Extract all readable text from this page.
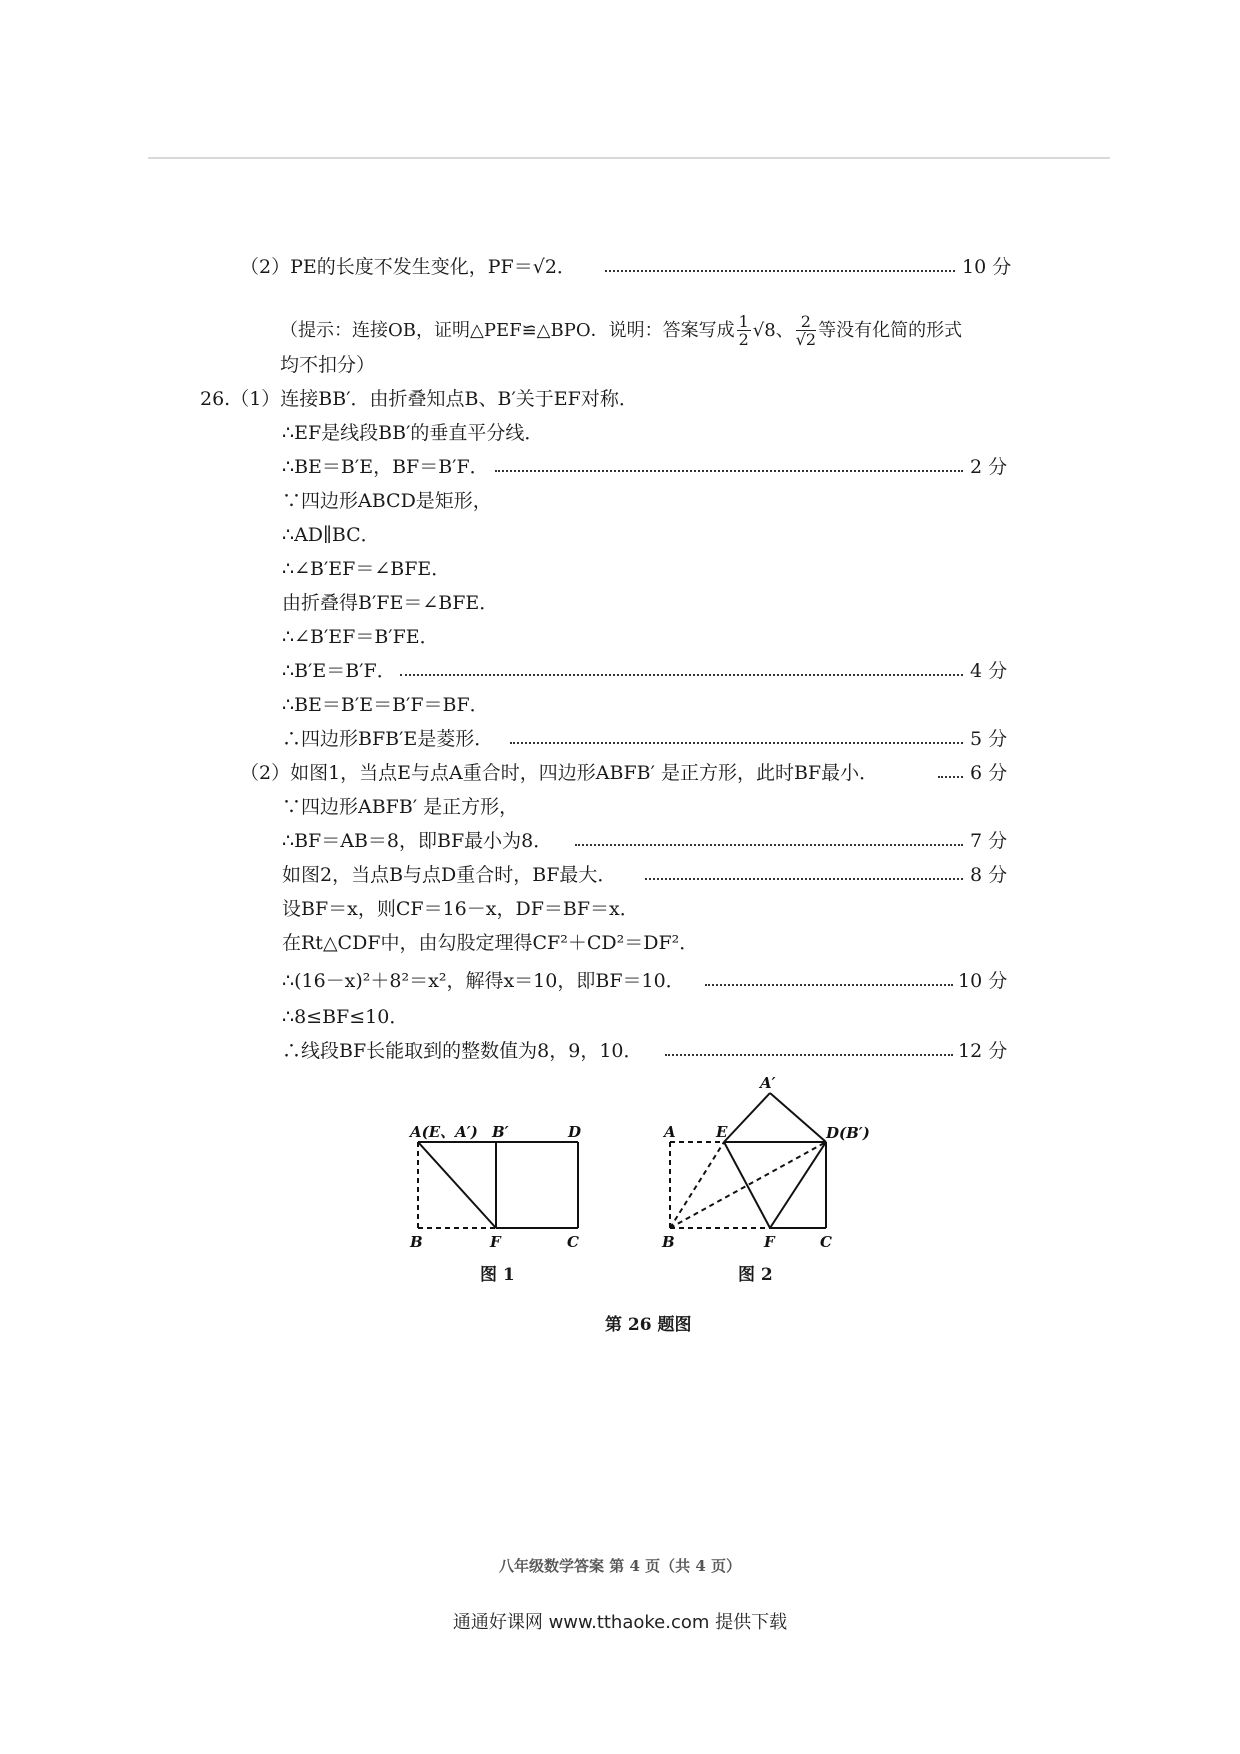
（2）PE的长度不发生变化，PF＝√2．	10 分
（提示：连接OB，证明△PEF≌△BPO．说明：答案写成 $\frac{1}{2} √8$、 $\frac{2}{√2}$ 等没有化简的形式
均不扣分）
26.（1）连接BB′．由折叠知点B、B′关于EF对称．
∴EF是线段BB′的垂直平分线．
∴BE＝B′E，BF＝B′F．	2 分
∵四边形ABCD是矩形，
∴AD∥BC．
∴∠B′EF＝∠BFE．
由折叠得B′FE＝∠BFE．
∴∠B′EF＝B′FE．
∴B′E＝B′F．	4 分
∴BE＝B′E＝B′F＝BF．
∴四边形BFB′E是菱形．	5 分
（2）如图1，当点E与点A重合时，四边形ABFB′ 是正方形，此时BF最小．	6 分
∵四边形ABFB′ 是正方形，
∴BF＝AB＝8，即BF最小为8．	7 分
如图2，当点B与点D重合时，BF最大．	8 分
设BF＝x，则CF＝16－x，DF＝BF＝x．
在Rt△CDF中，由勾股定理得CF²＋CD²＝DF²．
∴(16－x)²＋8²＝x²，解得x＝10，即BF＝10．	10 分
∴8≤BF≤10．
∴线段BF长能取到的整数值为8，9，10．	12 分
A(E、A′) B′	D
B	F	C
A′
A	E	D(B′)
B	F	C
图 1	图 2
第 26 题图
八年级数学答案 第 4 页（共 4 页）
通通好课网 www.tthaoke.com 提供下载
